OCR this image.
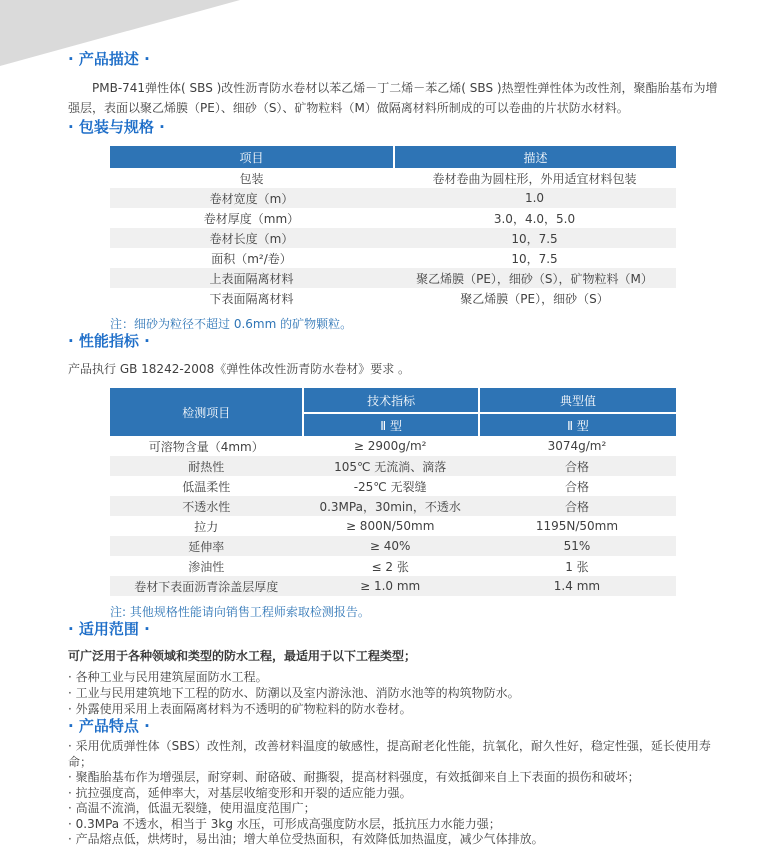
· 产品描述 ·

PMB-741弹性体( SBS )改性沥青防水卷材以苯乙烯－丁二烯－苯乙烯( SBS )热塑性弹性体为改性剂，聚酯胎基布为增强层，表面以聚乙烯膜（PE）、细砂（S）、矿物粒料（M）做隔离材料所制成的可以卷曲的片状防水材料。

· 包装与规格 ·
项目	描述
包装	卷材卷曲为圆柱形，外用适宜材料包装
卷材宽度（m）	1.0
卷材厚度（mm）	3.0，4.0，5.0
卷材长度（m）	10，7.5
面积（m²/卷）	10，7.5
上表面隔离材料	聚乙烯膜（PE），细砂（S），矿物粒料（M）
下表面隔离材料	聚乙烯膜（PE），细砂（S）
注：细砂为粒径不超过 0.6mm 的矿物颗粒。
· 性能指标 ·

产品执行 GB 18242-2008《弹性体改性沥青防水卷材》要求 。

检测项目	技术指标	典型值
	Ⅱ 型	Ⅱ 型
可溶物含量（4mm）	≥ 2900g/m²	3074g/m²
耐热性	105℃ 无流淌、滴落	合格
低温柔性	-25℃ 无裂缝	合格
不透水性	0.3MPa，30min，不透水	合格
拉力	≥ 800N/50mm	1195N/50mm
延伸率	≥ 40%	51%
渗油性	≤ 2 张	1 张
卷材下表面沥青涂盖层厚度	≥ 1.0 mm	1.4 mm
注: 其他规格性能请向销售工程师索取检测报告。
· 适用范围 ·

可广泛用于各种领域和类型的防水工程，最适用于以下工程类型；

· 各种工业与民用建筑屋面防水工程。
· 工业与民用建筑地下工程的防水、防潮以及室内游泳池、消防水池等的构筑物防水。
· 外露使用采用上表面隔离材料为不透明的矿物粒料的防水卷材。
· 产品特点 ·
· 采用优质弹性体（SBS）改性剂，改善材料温度的敏感性，提高耐老化性能，抗氧化，耐久性好，稳定性强，延长使用寿命；
· 聚酯胎基布作为增强层，耐穿刺、耐硌破、耐撕裂，提高材料强度，有效抵御来自上下表面的损伤和破坏；
· 抗拉强度高，延伸率大，对基层收缩变形和开裂的适应能力强。
· 高温不流淌，低温无裂缝，使用温度范围广；
· 0.3MPa 不透水，相当于 3kg 水压，可形成高强度防水层，抵抗压力水能力强；
· 产品熔点低，烘烤时，易出油；增大单位受热面积，有效降低加热温度，减少气体排放。
